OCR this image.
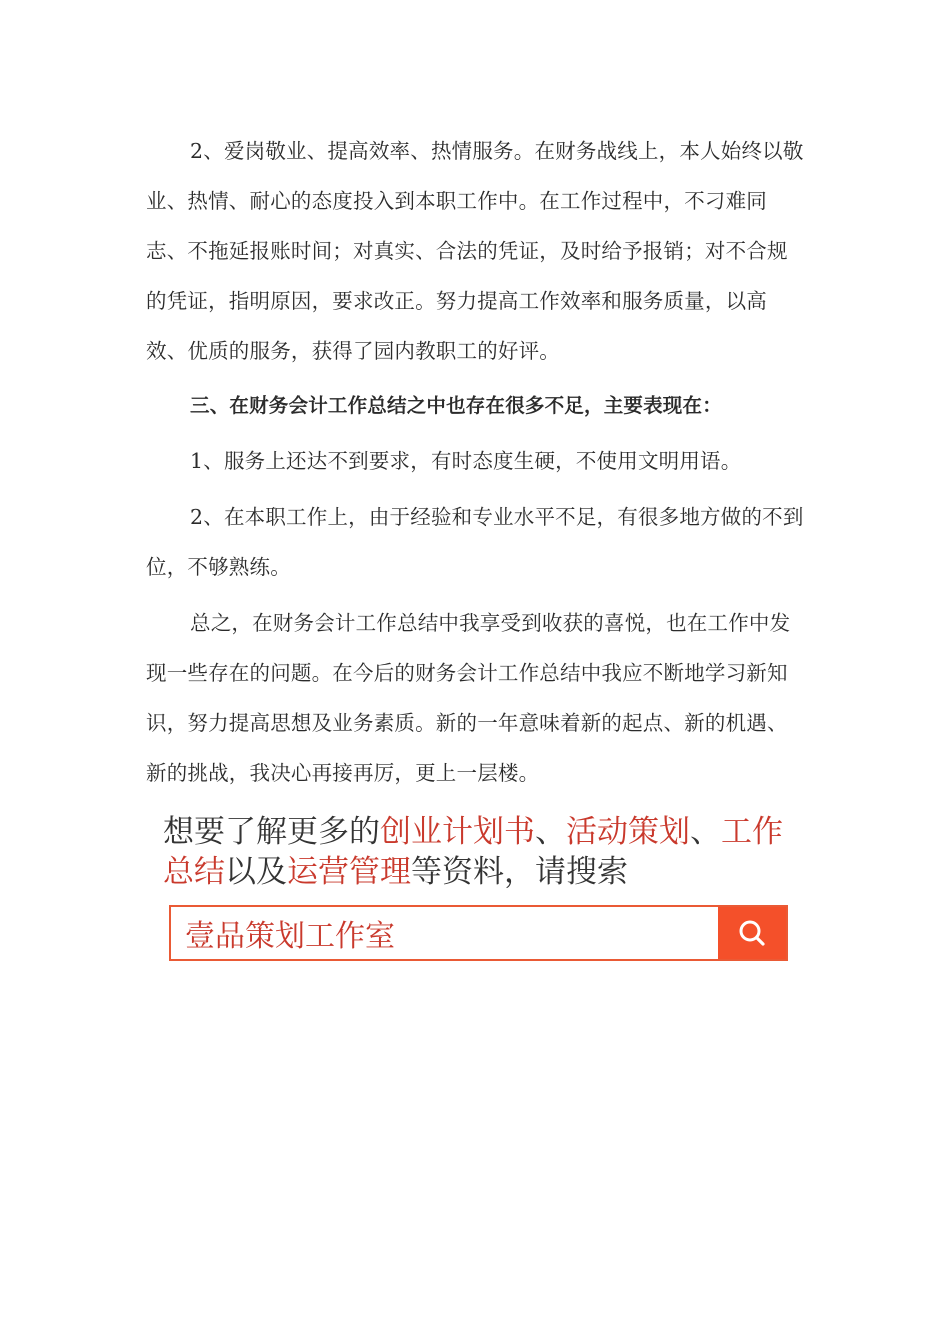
2、爱岗敬业、提高效率、热情服务。在财务战线上，本人始终以敬业、热情、耐心的态度投入到本职工作中。在工作过程中，不刁难同志、不拖延报账时间；对真实、合法的凭证，及时给予报销；对不合规的凭证，指明原因，要求改正。努力提高工作效率和服务质量，以高效、优质的服务，获得了园内教职工的好评。

三、在财务会计工作总结之中也存在很多不足，主要表现在：

1、服务上还达不到要求，有时态度生硬，不使用文明用语。

2、在本职工作上，由于经验和专业水平不足，有很多地方做的不到位，不够熟练。

总之，在财务会计工作总结中我享受到收获的喜悦，也在工作中发现一些存在的问题。在今后的财务会计工作总结中我应不断地学习新知识，努力提高思想及业务素质。新的一年意味着新的起点、新的机遇、新的挑战，我决心再接再厉，更上一层楼。

想要了解更多的创业计划书、活动策划、工作总结以及运营管理等资料，请搜索
壹品策划工作室
